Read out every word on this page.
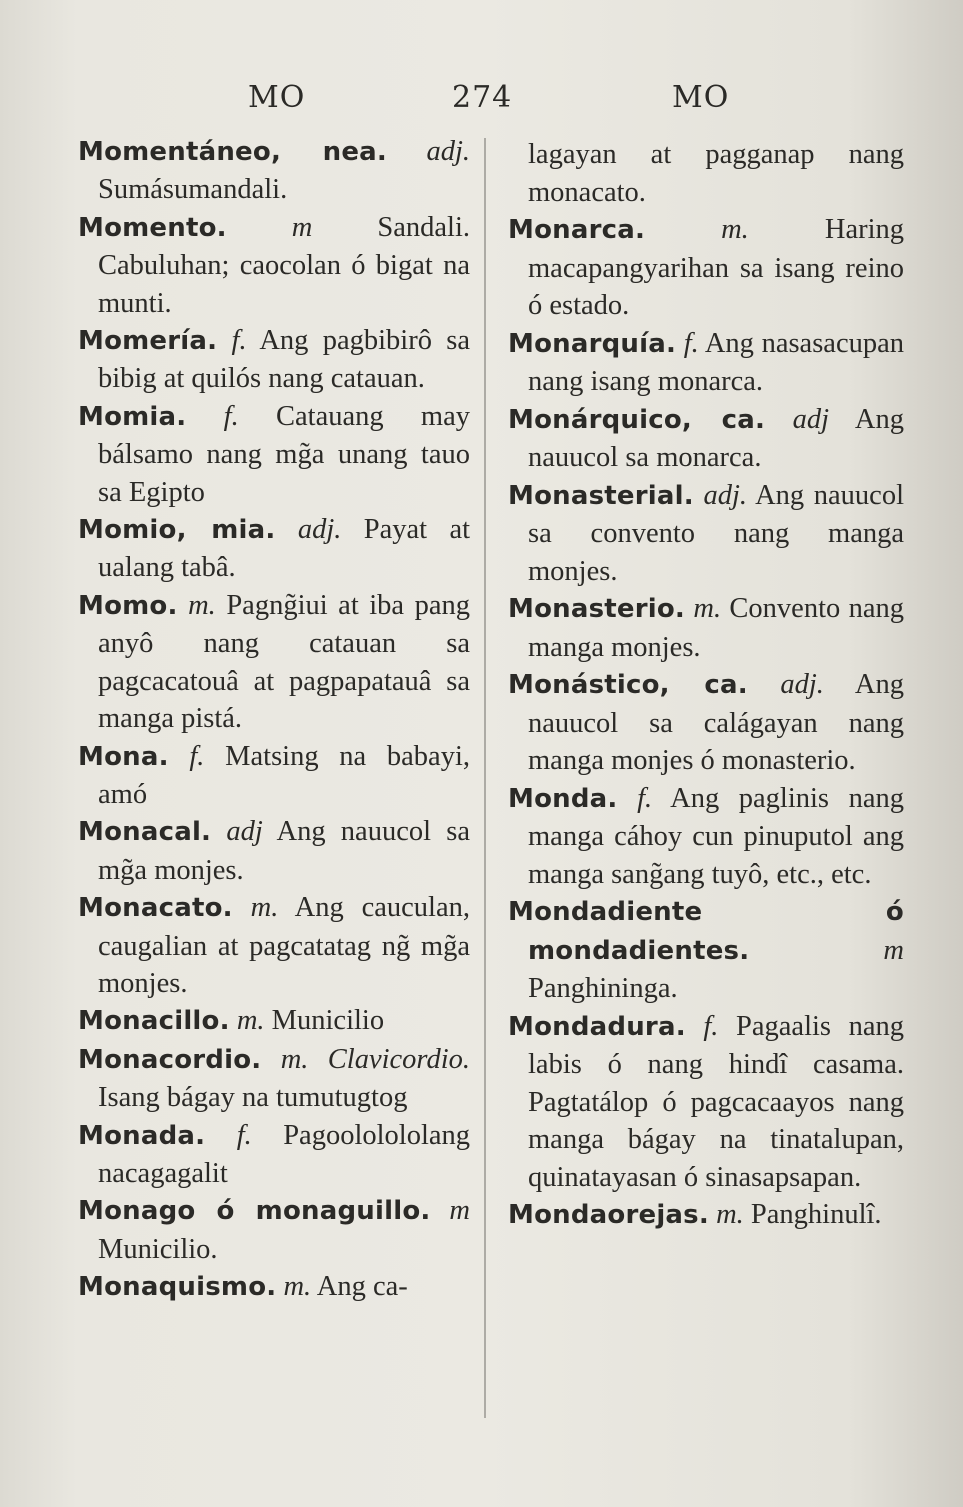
MO	274	MO

Momentáneo, nea. adj. Sumásumandali.

Momento. m Sandali. Cabuluhan; caocolan ó bigat na munti.

Momería. f. Ang pagbibirô sa bibig at quilós nang catauan.

Momia. f. Catauang may bálsamo nang mg̃a unang tauo sa Egipto

Momio, mia. adj. Payat at ualang tabâ.

Momo. m. Pagng̃iui at iba pang anyô nang catauan sa pagcacatouâ at pagpapatauâ sa manga pistá.

Mona. f. Matsing na babayi, amó

Monacal. adj Ang nauucol sa mg̃a monjes.

Monacato. m. Ang cauculan, caugalian at pagcatatag ng̃ mg̃a monjes.

Monacillo. m. Municilio

Monacordio. m. Clavicordio. Isang bágay na tumutugtog

Monada. f. Pagoololololang nacagagalit

Monago ó monaguillo. m Municilio.

Monaquismo. m. Ang ca-

lagayan at pagganap nang monacato.

Monarca.	m.	Haring macapangyarihan sa isang reino ó estado.

Monarquía. f. Ang nasasacupan nang isang monarca.

Monárquico, ca. adj Ang nauucol sa monarca.

Monasterial. adj. Ang nauucol sa convento nang manga monjes.

Monasterio. m. Convento nang manga monjes.

Monástico, ca. adj. Ang nauucol sa calágayan nang manga monjes ó monasterio.

Monda. f. Ang paglinis nang manga cáhoy cun pinuputol ang manga sang̃ang tuyô, etc., etc.

Mondadiente ó mondadientes.	m Panghininga.

Mondadura. f. Pagaalis nang labis ó nang hindî casama. Pagtatálop ó pagcacaayos nang manga bágay na tinatalupan, quinatayasan ó sinasapsapan.

Mondaorejas. m. Panghinulî.
